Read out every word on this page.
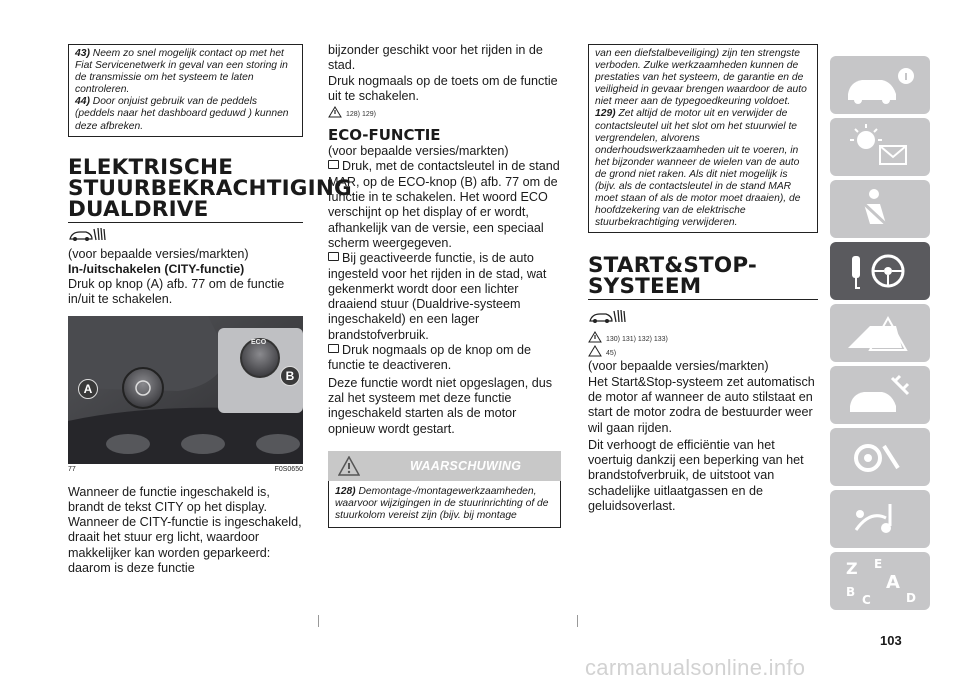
43) Neem zo snel mogelijk contact op met het Fiat Servicenetwerk in geval van een storing in de transmissie om het systeem te laten controleren.
44) Door onjuist gebruik van de peddels (peddels naar het dashboard geduwd ) kunnen deze afbreken.
ELEKTRISCHE
STUURBEKRACHTIGING
DUALDRIVE

(voor bepaalde versies/markten)

In-/uitschakelen (CITY-functie)

Druk op knop (A) afb. 77 om de functie in/uit te schakelen.

ECO
A
B
77	F0S0650

Wanneer de functie ingeschakeld is, brandt de tekst CITY op het display. Wanneer de CITY-functie is ingeschakeld, draait het stuur erg licht, waardoor makkelijker kan worden geparkeerd: daarom is deze functie

bijzonder geschikt voor het rijden in de stad.

Druk nogmaals op de toets om de functie uit te schakelen.

128) 129)
ECO-FUNCTIE

(voor bepaalde versies/markten)

Druk, met de contactsleutel in de stand MAR, op de ECO-knop (B) afb. 77 om de functie in te schakelen. Het woord ECO verschijnt op het display of er wordt, afhankelijk van de versie, een speciaal scherm weergegeven.

Bij geactiveerde functie, is de auto ingesteld voor het rijden in de stad, wat gekenmerkt wordt door een lichter draaiend stuur (Dualdrive-systeem ingeschakeld) en een lager brandstofverbruik.

Druk nogmaals op de knop om de functie te deactiveren.

Deze functie wordt niet opgeslagen, dus zal het systeem met deze functie ingeschakeld starten als de motor opnieuw wordt gestart.

WAARSCHUWING
128) Demontage-/montagewerkzaamheden, waarvoor wijzigingen in de stuurinrichting of de stuurkolom vereist zijn (bijv. bij montage
van een diefstalbeveiliging) zijn ten strengste verboden. Zulke werkzaamheden kunnen de prestaties van het systeem, de garantie en de veiligheid in gevaar brengen waardoor de auto niet meer aan de typegoedkeuring voldoet.
129) Zet altijd de motor uit en verwijder de contactsleutel uit het slot om het stuurwiel te vergrendelen, alvorens onderhoudswerkzaamheden uit te voeren, in het bijzonder wanneer de wielen van de auto de grond niet raken. Als dit niet mogelijk is (bijv. als de contactsleutel in de stand MAR moet staan of als de motor moet draaien), de hoofdzekering van de elektrische stuurbekrachtiging verwijderen.
START&STOP-
SYSTEEM
130) 131) 132) 133)
45)

(voor bepaalde versies/markten)

Het Start&Stop-systeem zet automatisch de motor af wanneer de auto stilstaat en start de motor zodra de bestuurder weer wil gaan rijden.

Dit verhoogt de efficiëntie van het voertuig dankzij een beperking van het brandstofverbruik, de uitstoot van schadelijke uitlaatgassen en de geluidsoverlast.

Z E
A
B
C	D
103
carmanualsonline.info
